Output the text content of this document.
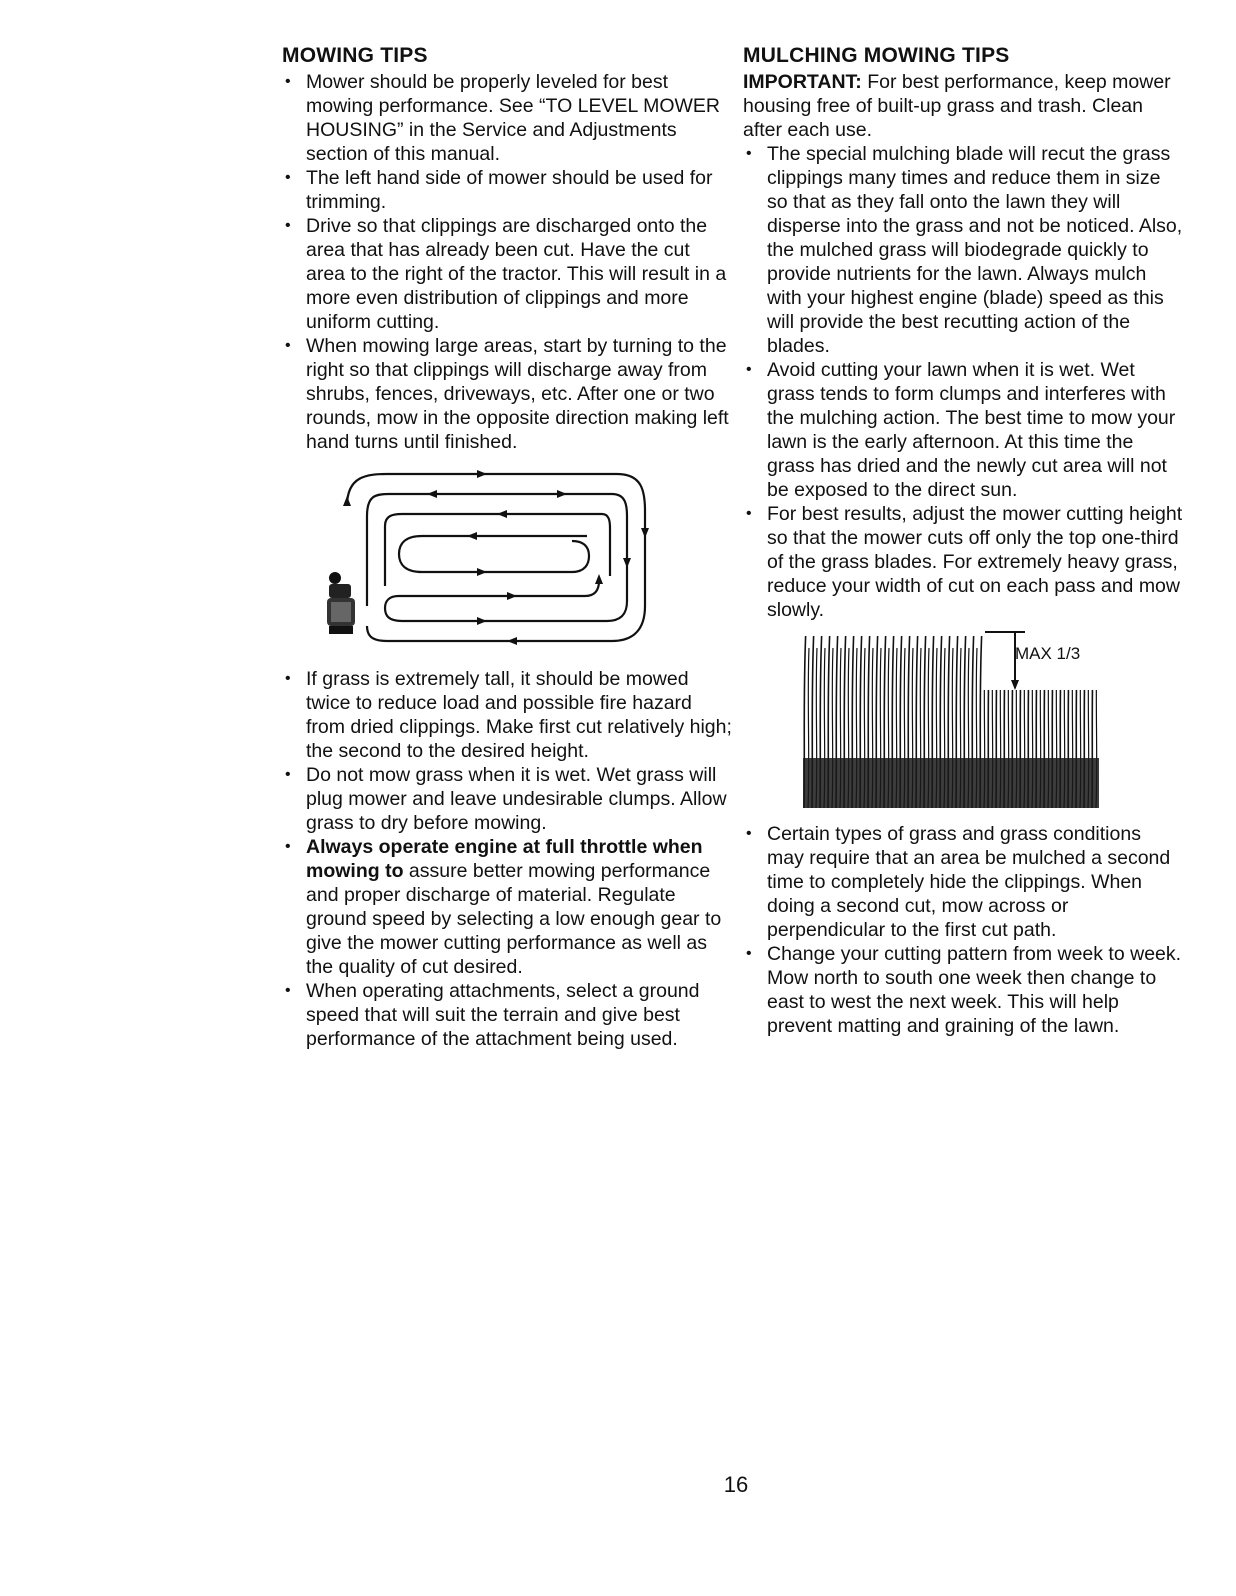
MOWING TIPS
• Mower should be properly leveled for best mowing performance. See “TO LEVEL MOWER HOUSING” in the Service and Adjustments section of this manual.
• The left hand side of mower should be used for trimming.
• Drive so that clippings are discharged onto the area that has already been cut. Have the cut area to the right of the tractor. This will result in a more even distribution of clippings and more uniform cutting.
• When mowing large areas, start by turning to the right so that clippings will discharge away from shrubs, fences, driveways, etc. After one or two rounds, mow in the opposite direction making left hand turns until finished.
• If grass is extremely tall, it should be mowed twice to reduce load and possible fire hazard from dried clippings. Make first cut relatively high; the second to the desired height.
• Do not mow grass when it is wet. Wet grass will plug mower and leave undesirable clumps. Allow grass to dry before mowing.
• Always operate engine at full throttle when mowing to assure better mowing performance and proper discharge of material. Regulate ground speed by selecting a low enough gear to give the mower cutting performance as well as the quality of cut desired.
• When operating attachments, select a ground speed that will suit the terrain and give best performance of the attachment being used.
MULCHING MOWING TIPS

IMPORTANT: For best performance, keep mower housing free of built-up grass and trash. Clean after each use.

• The special mulching blade will recut the grass clippings many times and reduce them in size so that as they fall onto the lawn they will disperse into the grass and not be noticed. Also, the mulched grass will biodegrade quickly to provide nutrients for the lawn. Always mulch with your highest engine (blade) speed as this will provide the best recutting action of the blades.
• Avoid cutting your lawn when it is wet. Wet grass tends to form clumps and interferes with the mulching action. The best time to mow your lawn is the early afternoon. At this time the grass has dried and the newly cut area will not be exposed to the direct sun.
• For best results, adjust the mower cutting height so that the mower cuts off only the top one-third of the grass blades. For extremely heavy grass, reduce your width of cut on each pass and mow slowly.
MAX 1/3
• Certain types of grass and grass conditions may require that an area be mulched a second time to completely hide the clippings. When doing a second cut, mow across or perpendicular to the first cut path.
• Change your cutting pattern from week to week. Mow north to south one week then change to east to west the next week. This will help prevent matting and graining of the lawn.
16
